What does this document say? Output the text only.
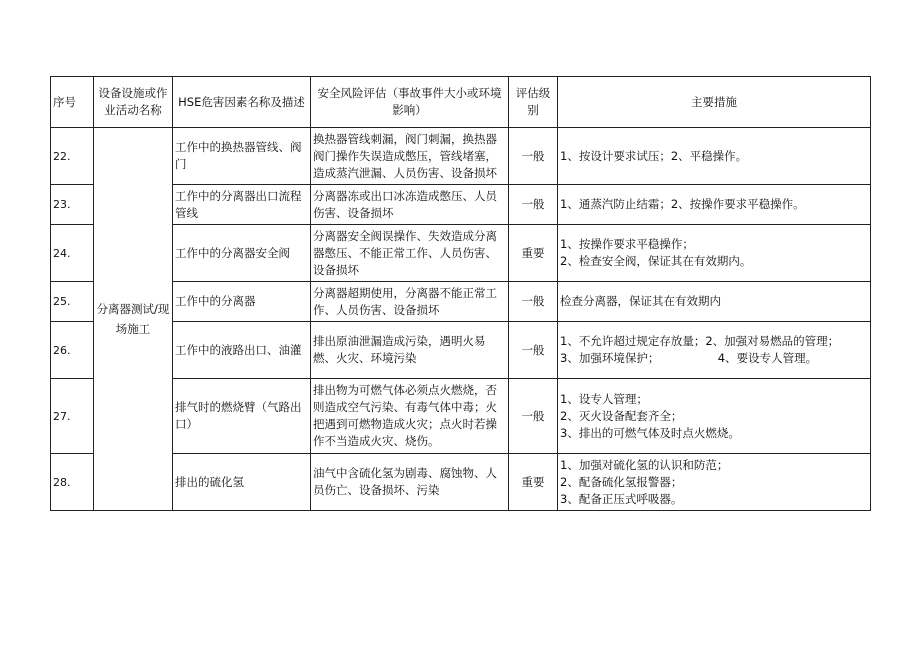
序号	设备设施或作业活动名称	HSE危害因素名称及描述	安全风险评估（事故事件大小或环境影响）	评估级别	主要措施
22.	分离器测试/现场施工	工作中的换热器管线、阀门	换热器管线刺漏，阀门刺漏，换热器阀门操作失误造成憋压，管线堵塞，造成蒸汽泄漏、人员伤害、设备损坏	一般	1、按设计要求试压；2、平稳操作。

23.		工作中的分离器出口流程管线	分离器冻或出口冰冻造成憋压、人员伤害、设备损坏	一般	1、通蒸汽防止结霜；2、按操作要求平稳操作。

24.		工作中的分离器安全阀	分离器安全阀误操作、失效造成分离器憋压、不能正常工作、人员伤害、设备损坏	重要	1、按操作要求平稳操作；
2、检查安全阀，保证其在有效期内。

25.		工作中的分离器	分离器超期使用，分离器不能正常工作、人员伤害、设备损坏	一般	检查分离器，保证其在有效期内

26.		工作中的液路出口、油灌	排出原油泄漏造成污染，遇明火易燃、火灾、环境污染	一般	1、不允许超过规定存放量；2、加强对易燃品的管理；
3、加强环境保护；                4、要设专人管理。

27.		排气时的燃烧臂（气路出口）	排出物为可燃气体必须点火燃烧，否则造成空气污染、有毒气体中毒；火把遇到可燃物造成火灾；点火时若操作不当造成火灾、烧伤。	一般	1、设专人管理；
2、灭火设备配套齐全；
3、排出的可燃气体及时点火燃烧。

28.		排出的硫化氢	油气中含硫化氢为剧毒、腐蚀物、人员伤亡、设备损坏、污染	重要	1、加强对硫化氢的认识和防范；
2、配备硫化氢报警器；
3、配备正压式呼吸器。
